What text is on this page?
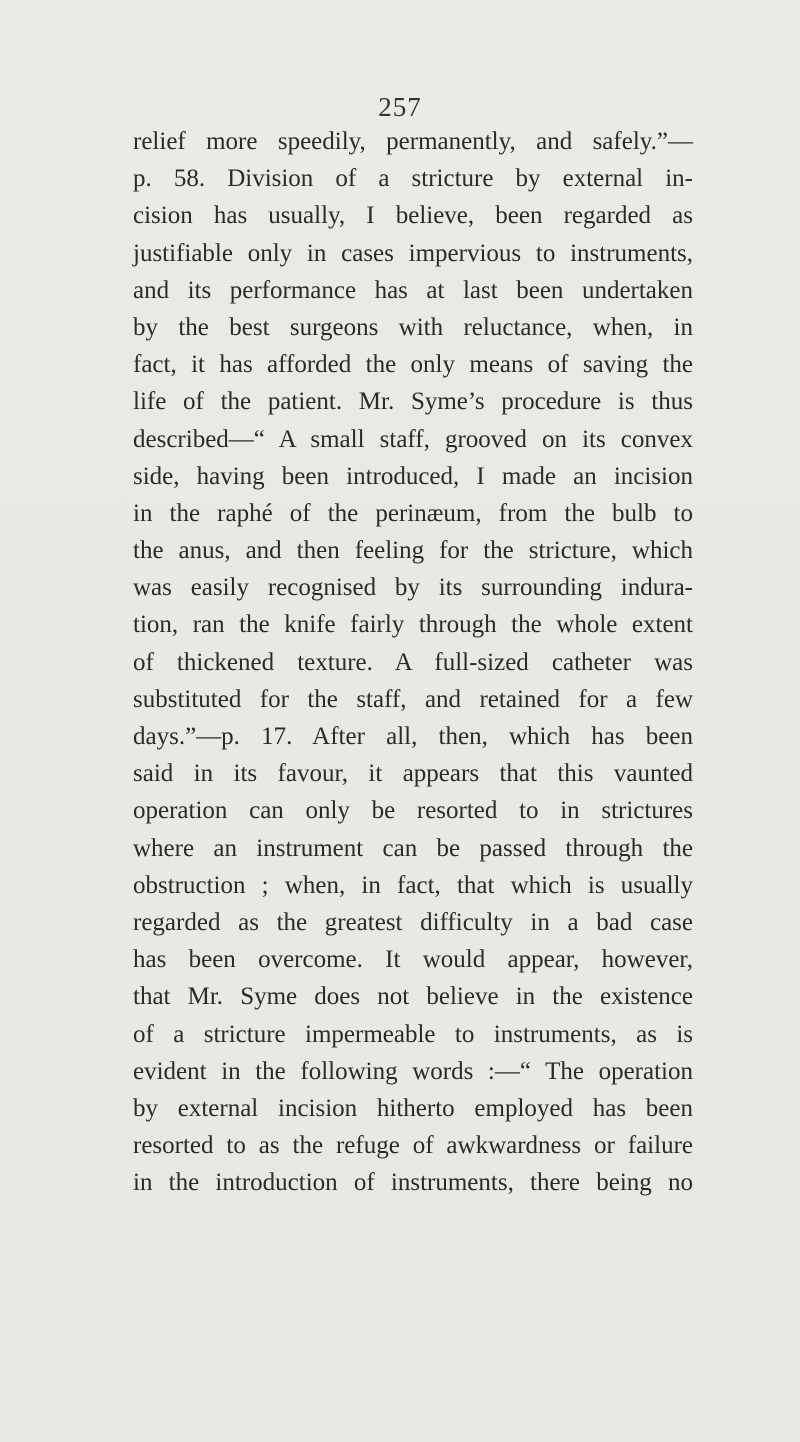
257
relief more speedily, permanently, and safely.”—
p. 58. Division of a stricture by external in-
cision has usually, I believe, been regarded as
justifiable only in cases impervious to instruments,
and its performance has at last been undertaken
by the best surgeons with reluctance, when, in
fact, it has afforded the only means of saving the
life of the patient. Mr. Syme’s procedure is thus
described—“ A small staff, grooved on its convex
side, having been introduced, I made an incision
in the raphé of the perinæum, from the bulb to
the anus, and then feeling for the stricture, which
was easily recognised by its surrounding indura-
tion, ran the knife fairly through the whole extent
of thickened texture. A full-sized catheter was
substituted for the staff, and retained for a few
days.”—p. 17. After all, then, which has been
said in its favour, it appears that this vaunted
operation can only be resorted to in strictures
where an instrument can be passed through the
obstruction ; when, in fact, that which is usually
regarded as the greatest difficulty in a bad case
has been overcome. It would appear, however,
that Mr. Syme does not believe in the existence
of a stricture impermeable to instruments, as is
evident in the following words :—“ The operation
by external incision hitherto employed has been
resorted to as the refuge of awkwardness or failure
in the introduction of instruments, there being no
